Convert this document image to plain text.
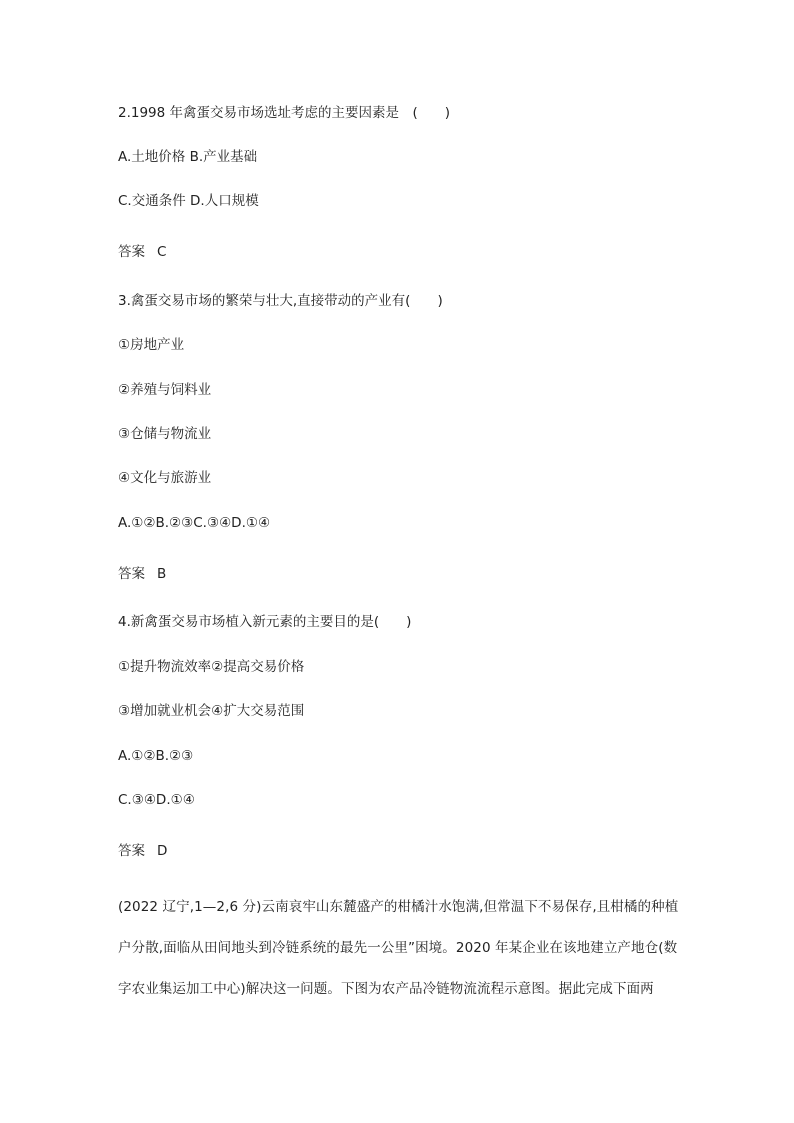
2.1998 年禽蛋交易市场选址考虑的主要因素是　(　　)
A.土地价格 B.产业基础
C.交通条件 D.人口规模
答案 C
3.禽蛋交易市场的繁荣与壮大,直接带动的产业有(　　)
①房地产业
②养殖与饲料业
③仓储与物流业
④文化与旅游业
A.①②B.②③C.③④D.①④
答案 B
4.新禽蛋交易市场植入新元素的主要目的是(　　)
①提升物流效率②提高交易价格
③增加就业机会④扩大交易范围
A.①②B.②③
C.③④D.①④
答案 D
(2022 辽宁,1—2,6 分)云南哀牢山东麓盛产的柑橘汁水饱满,但常温下不易保存,且柑橘的种植
户分散,面临从田间地头到冷链系统的最先一公里”困境。2020 年某企业在该地建立产地仓(数
字农业集运加工中心)解决这一问题。下图为农产品冷链物流流程示意图。据此完成下面两
